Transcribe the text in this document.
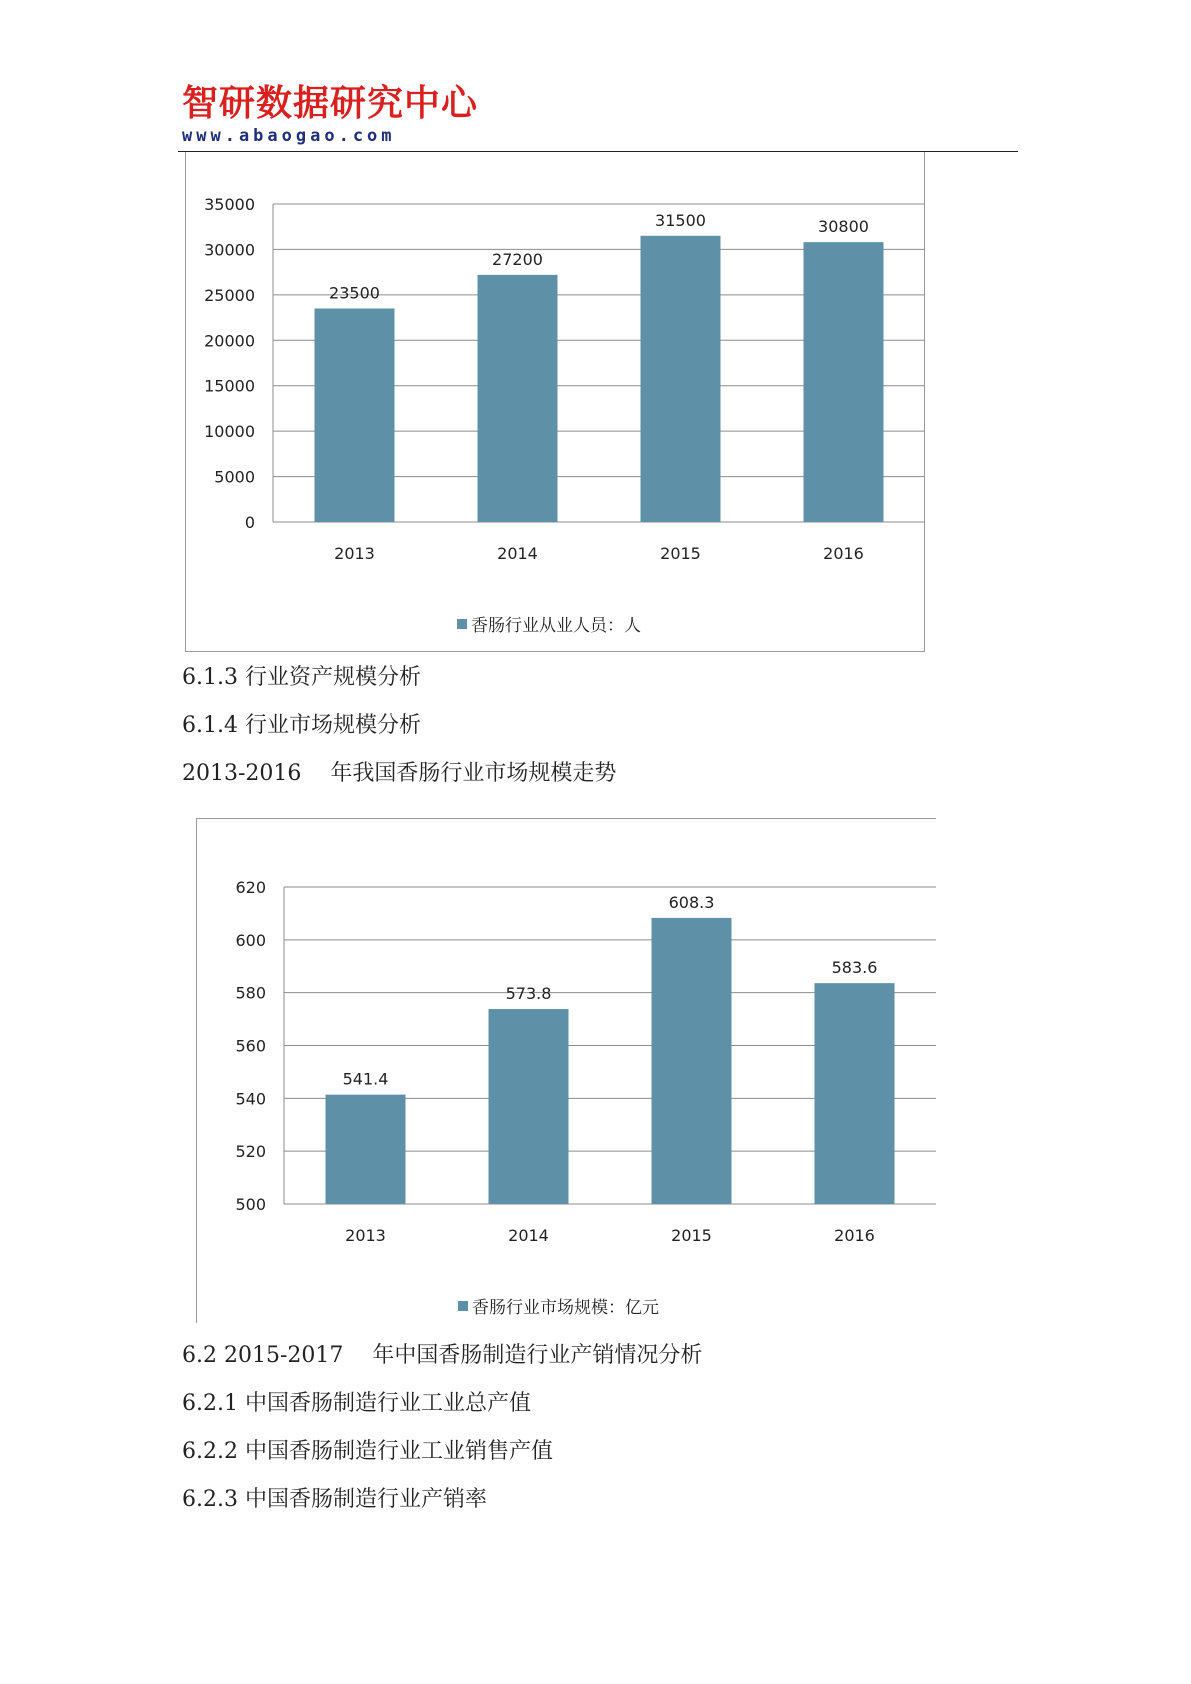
智研数据研究中心
www.abaogao.com
0
5000
10000
15000
20000
25000
30000
35000
23500
2013
27200
2014
31500
2015
30800
2016
香肠行业从业人员：人
6.1.3 行业资产规模分析
6.1.4 行业市场规模分析
2013-2016　 年我国香肠行业市场规模走势
500
520
540
560
580
600
620
541.4
2013
573.8
2014
608.3
2015
583.6
2016
香肠行业市场规模：亿元
6.2 2015-2017　 年中国香肠制造行业产销情况分析
6.2.1 中国香肠制造行业工业总产值
6.2.2 中国香肠制造行业工业销售产值
6.2.3 中国香肠制造行业产销率
